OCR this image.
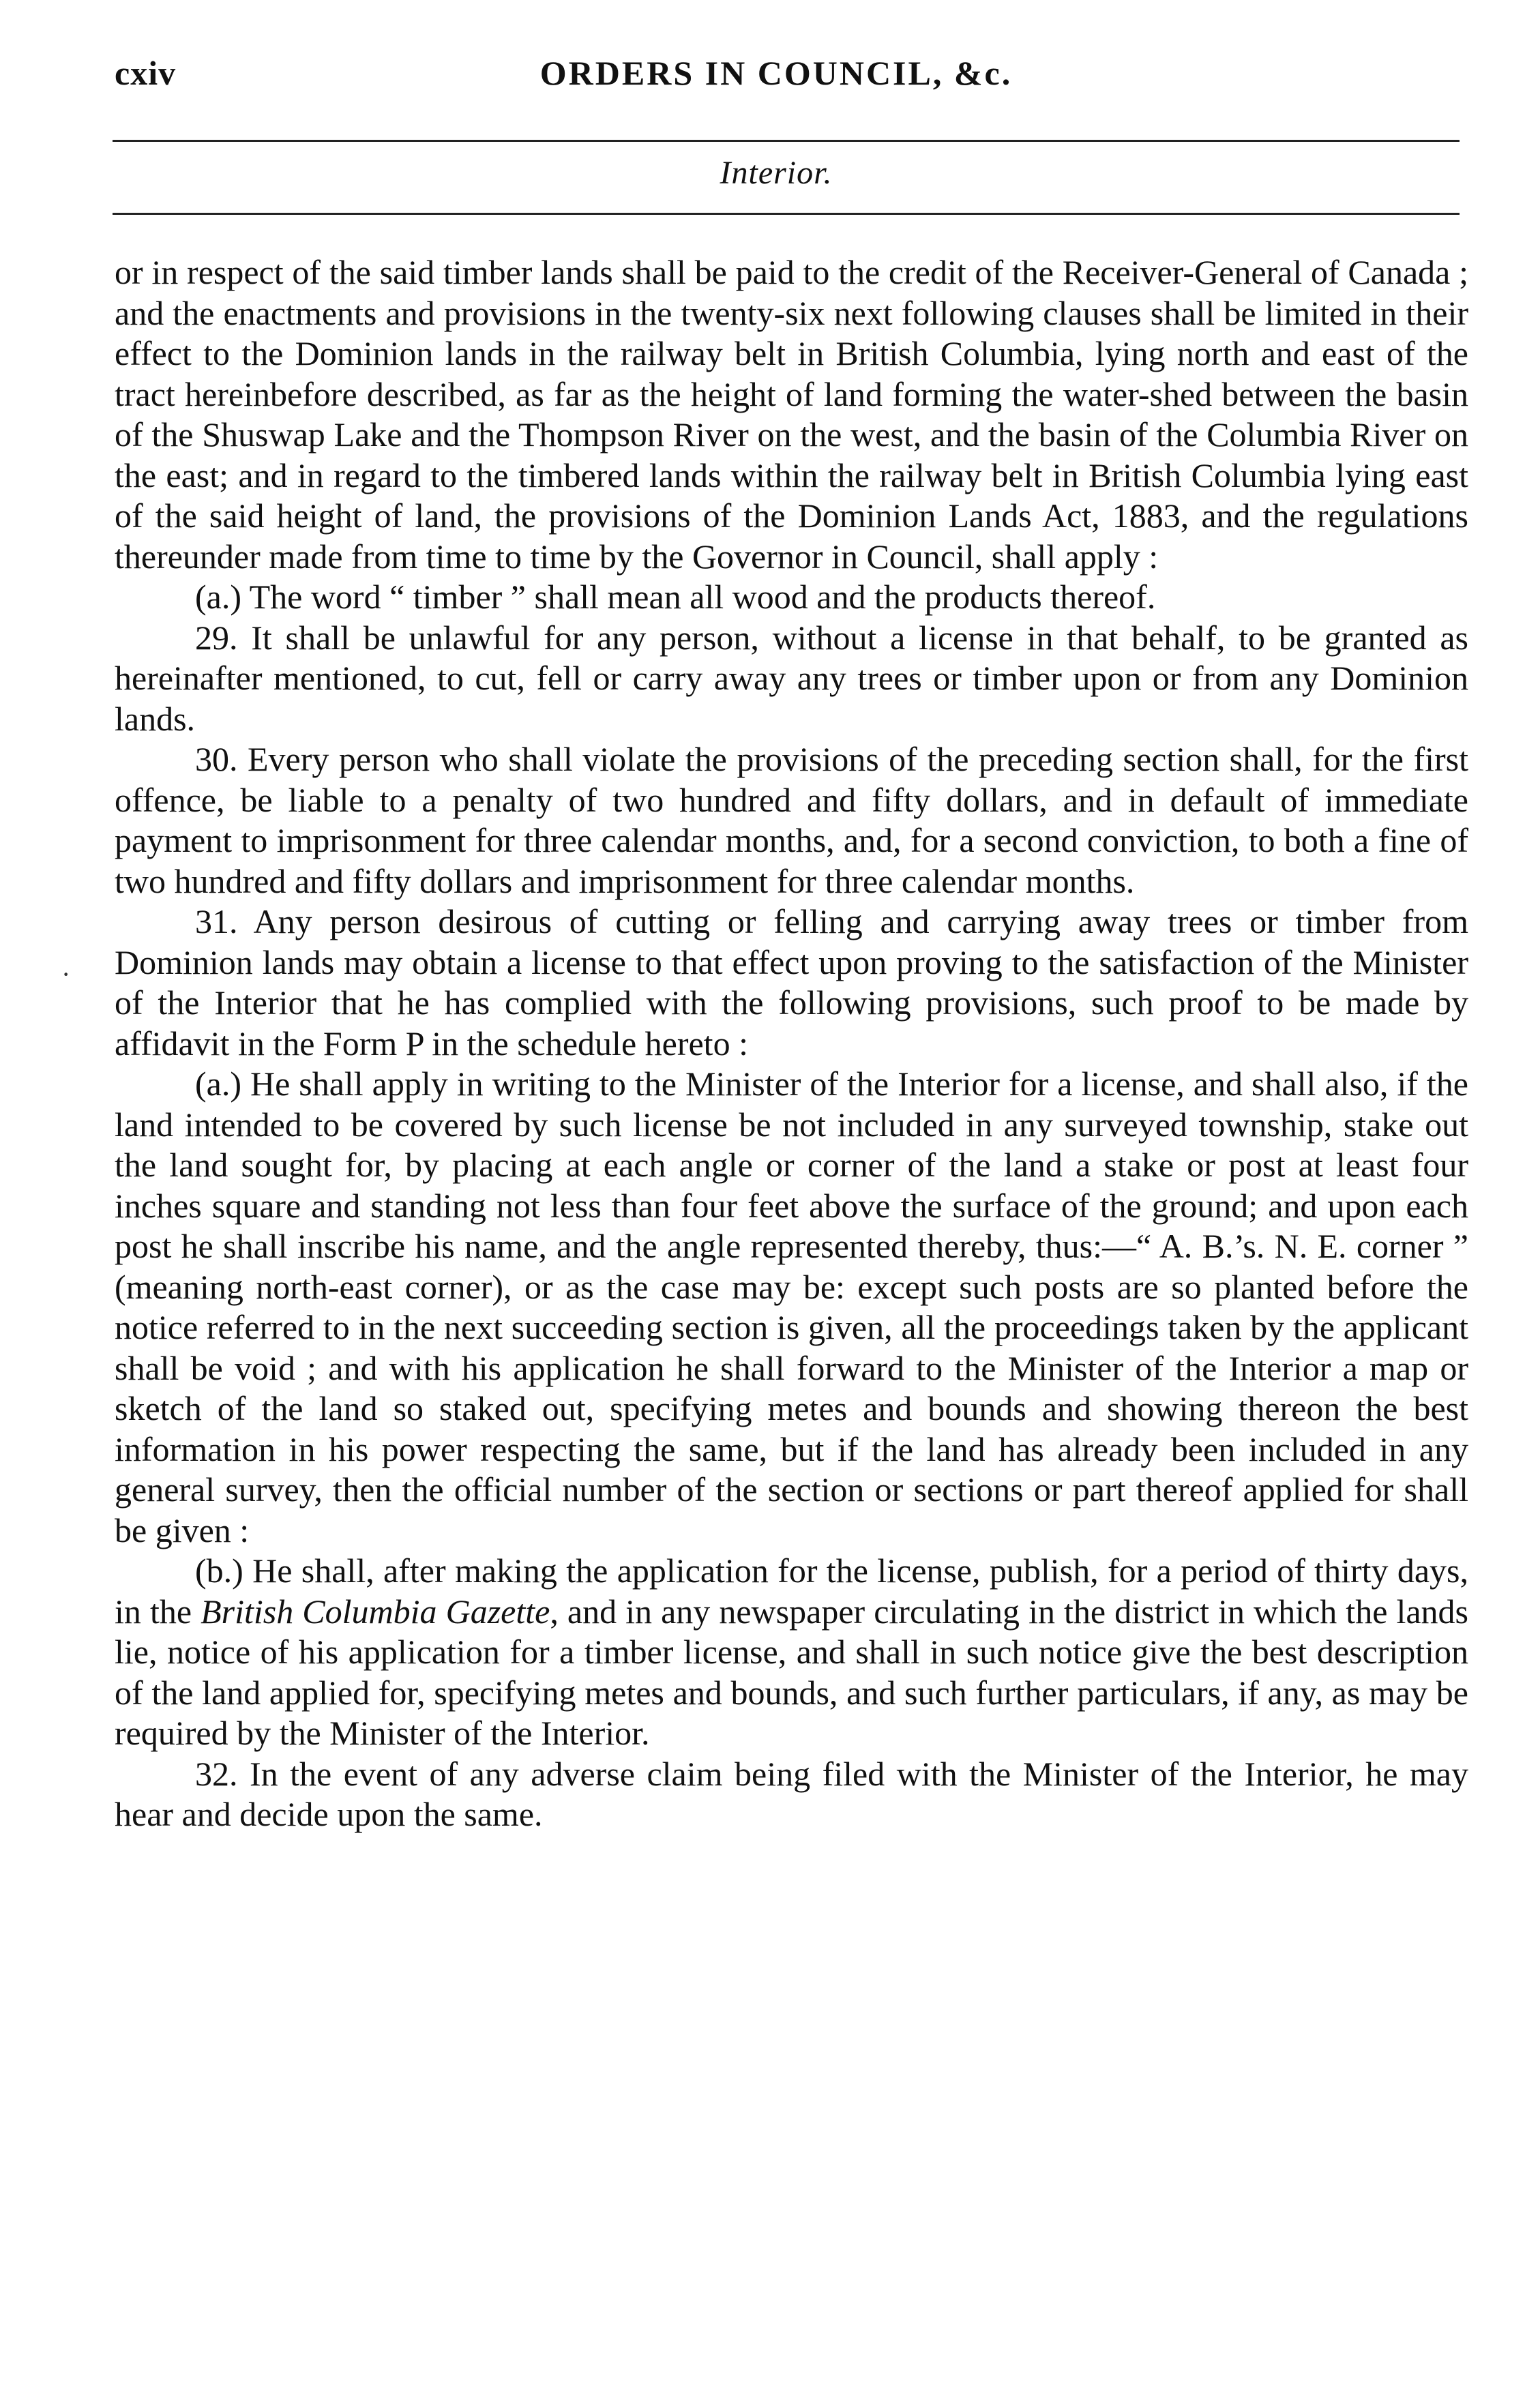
cxiv	ORDERS IN COUNCIL, &c.
Interior.
·

or in respect of the said timber lands shall be paid to the credit of the Receiver-General of Canada ; and the enactments and provisions in the twenty-six next following clauses shall be limited in their effect to the Dominion lands in the railway belt in British Columbia, lying north and east of the tract hereinbefore described, as far as the height of land forming the water-shed between the basin of the Shuswap Lake and the Thompson River on the west, and the basin of the Columbia River on the east; and in regard to the timbered lands within the railway belt in British Columbia lying east of the said height of land, the provisions of the Dominion Lands Act, 1883, and the regulations thereunder made from time to time by the Governor in Council, shall apply :

(a.) The word “ timber ” shall mean all wood and the products thereof.

29. It shall be unlawful for any person, without a license in that behalf, to be granted as hereinafter mentioned, to cut, fell or carry away any trees or timber upon or from any Dominion lands.

30. Every person who shall violate the provisions of the preceding section shall, for the first offence, be liable to a penalty of two hundred and fifty dollars, and in default of immediate payment to imprisonment for three calendar months, and, for a second conviction, to both a fine of two hundred and fifty dollars and imprisonment for three calendar months.

31. Any person desirous of cutting or felling and carrying away trees or timber from Dominion lands may obtain a license to that effect upon proving to the satisfaction of the Minister of the Interior that he has complied with the following provisions, such proof to be made by affidavit in the Form P in the schedule hereto :

(a.) He shall apply in writing to the Minister of the Interior for a license, and shall also, if the land intended to be covered by such license be not included in any surveyed township, stake out the land sought for, by placing at each angle or corner of the land a stake or post at least four inches square and standing not less than four feet above the surface of the ground; and upon each post he shall inscribe his name, and the angle represented thereby, thus:—“ A. B.’s. N. E. corner ” (meaning north-east corner), or as the case may be: except such posts are so planted before the notice referred to in the next succeeding section is given, all the proceedings taken by the applicant shall be void ; and with his application he shall forward to the Minister of the Interior a map or sketch of the land so staked out, specifying metes and bounds and showing thereon the best information in his power respecting the same, but if the land has already been included in any general survey, then the official number of the section or sections or part thereof applied for shall be given :

(b.) He shall, after making the application for the license, publish, for a period of thirty days, in the British Columbia Gazette, and in any newspaper circulating in the district in which the lands lie, notice of his application for a timber license, and shall in such notice give the best description of the land applied for, specifying metes and bounds, and such further particulars, if any, as may be required by the Minister of the Interior.

32. In the event of any adverse claim being filed with the Minister of the Interior, he may hear and decide upon the same.
